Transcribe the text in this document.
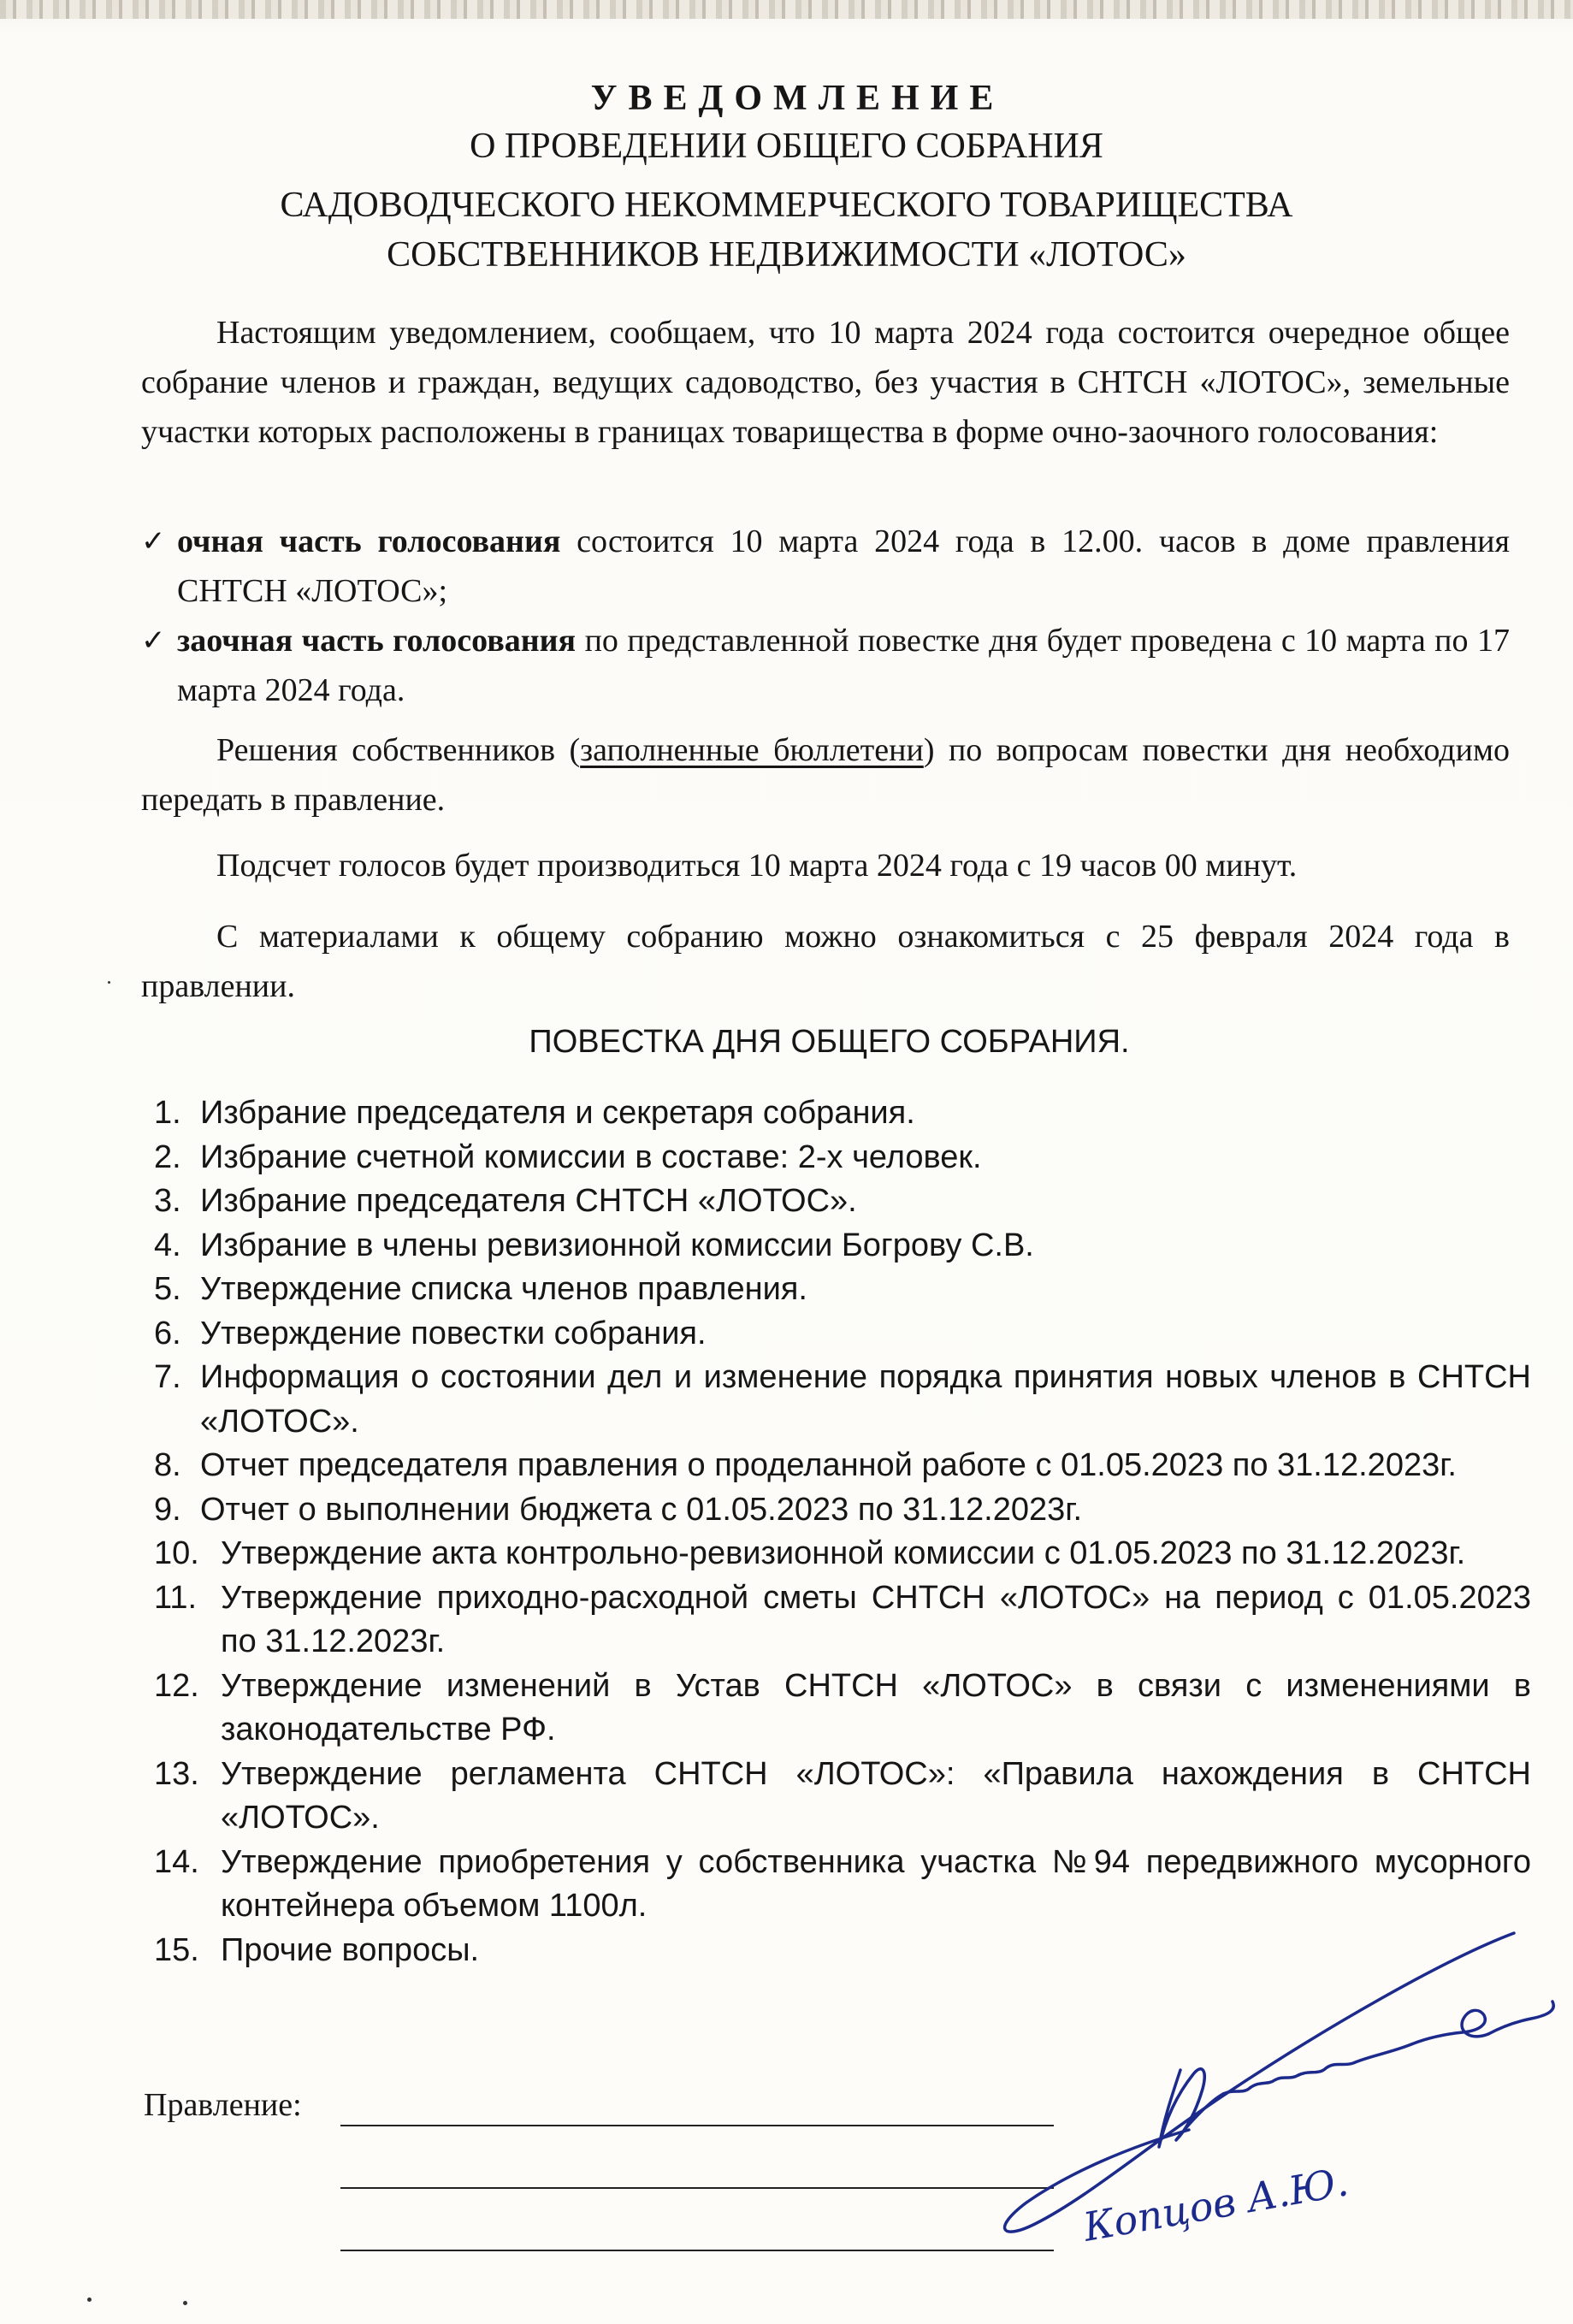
УВЕДОМЛЕНИЕ
О ПРОВЕДЕНИИ ОБЩЕГО СОБРАНИЯ
САДОВОДЧЕСКОГО НЕКОММЕРЧЕСКОГО ТОВАРИЩЕСТВА
СОБСТВЕННИКОВ НЕДВИЖИМОСТИ «ЛОТОС»
Настоящим уведомлением, сообщаем, что 10 марта 2024 года состоится очередное общее собрание членов и граждан, ведущих садоводство, без участия в СНТСН «ЛОТОС», земельные участки которых расположены в границах товарищества в форме очно-заочного голосования:
✓ очная часть голосования состоится 10 марта 2024 года в 12.00. часов в доме правления СНТСН «ЛОТОС»;
✓ заочная часть голосования по представленной повестке дня будет проведена с 10 марта по 17 марта 2024 года.
Решения собственников (заполненные бюллетени) по вопросам повестки дня необходимо передать в правление.
Подсчет голосов будет производиться 10 марта 2024 года с 19 часов 00 минут.
С материалами к общему собранию можно ознакомиться с 25 февраля 2024 года в правлении.
ПОВЕСТКА ДНЯ ОБЩЕГО СОБРАНИЯ.
1. Избрание председателя и секретаря собрания.
2. Избрание счетной комиссии в составе: 2-х человек.
3. Избрание председателя СНТСН «ЛОТОС».
4. Избрание в члены ревизионной комиссии Богрову С.В.
5. Утверждение списка членов правления.
6. Утверждение повестки собрания.
7. Информация о состоянии дел и изменение порядка принятия новых членов в СНТСН «ЛОТОС».
8. Отчет председателя правления о проделанной работе с 01.05.2023 по 31.12.2023г.
9. Отчет о выполнении бюджета с 01.05.2023 по 31.12.2023г.
10. Утверждение акта контрольно-ревизионной комиссии с 01.05.2023 по 31.12.2023г.
11. Утверждение приходно-расходной сметы СНТСН «ЛОТОС» на период с 01.05.2023 по 31.12.2023г.
12. Утверждение изменений в Устав СНТСН «ЛОТОС» в связи с изменениями в законодательстве РФ.
13. Утверждение регламента СНТСН «ЛОТОС»: «Правила нахождения в СНТСН «ЛОТОС».
14. Утверждение приобретения у собственника участка №94 передвижного мусорного контейнера объемом 1100л.
15. Прочие вопросы.
Правление:
Копцов А.Ю.
